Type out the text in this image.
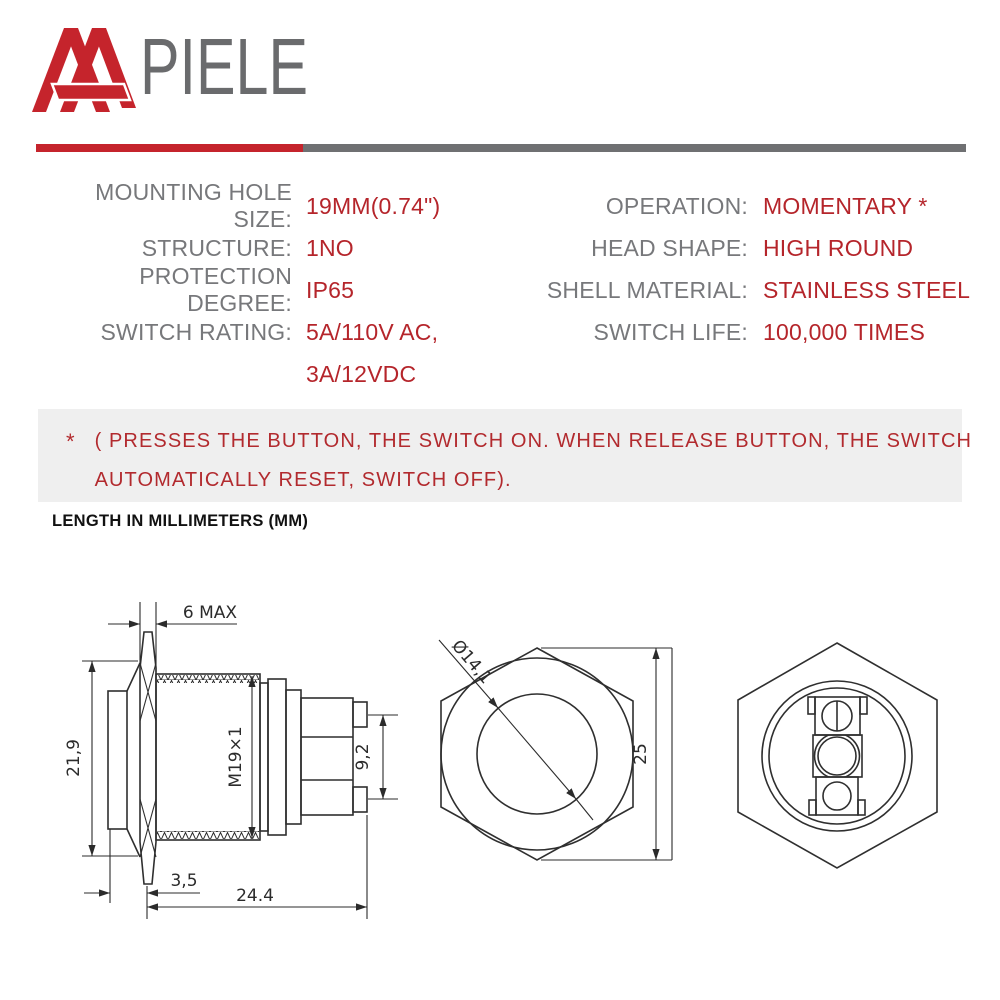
PIELE
MOUNTING HOLE SIZE:
19MM(0.74")
STRUCTURE: 1NO
PROTECTION DEGREE:
IP65
SWITCH RATING: 5A/110V AC,
3A/12VDC
OPERATION: MOMENTARY *
HEAD SHAPE: HIGH ROUND
SHELL MATERIAL: STAINLESS STEEL
SWITCH LIFE: 100,000 TIMES
* ( PRESSES THE BUTTON, THE SWITCH ON. WHEN RELEASE BUTTON, THE SWITCH
AUTOMATICALLY RESET, SWITCH OFF).
LENGTH IN MILLIMETERS (MM)
6 MAX
21,9	M19×1	9,2
3,5
24.4
Ø14,1
25
